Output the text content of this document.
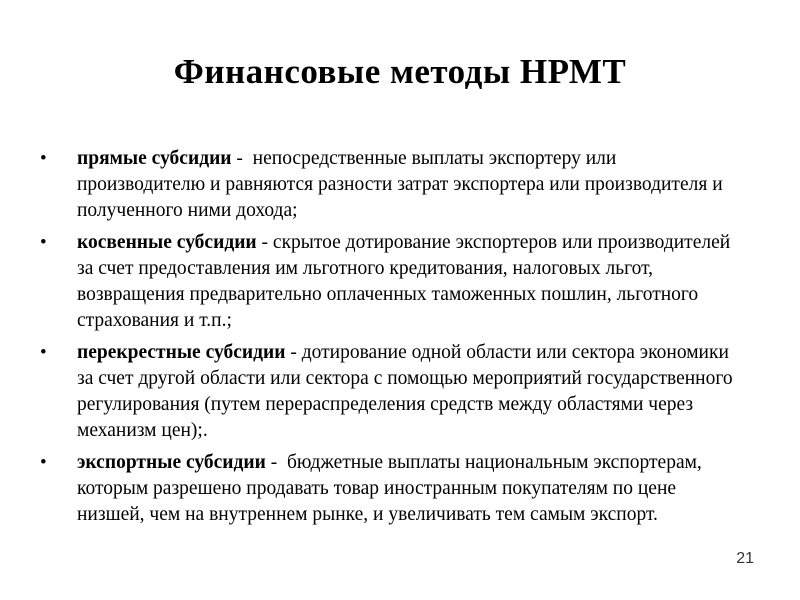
Финансовые методы НРМТ
• прямые субсидии -  непосредственные выплаты экспортеру или производителю и равняются разности затрат экспортера или производителя и полученного ними дохода;
• косвенные субсидии - скрытое дотирование экспортеров или производителей за счет предоставления им льготного кредитования, налоговых льгот, возвращения предварительно оплаченных таможенных пошлин, льготного страхования и т.п.;
• перекрестные субсидии - дотирование одной области или сектора экономики за счет другой области или сектора с помощью мероприятий государственного регулирования (путем перераспределения средств между областями через механизм цен);.
• экспортные субсидии -  бюджетные выплаты национальным экспортерам, которым разрешено продавать товар иностранным покупателям по цене низшей, чем на внутреннем рынке, и увеличивать тем самым экспорт.
21
